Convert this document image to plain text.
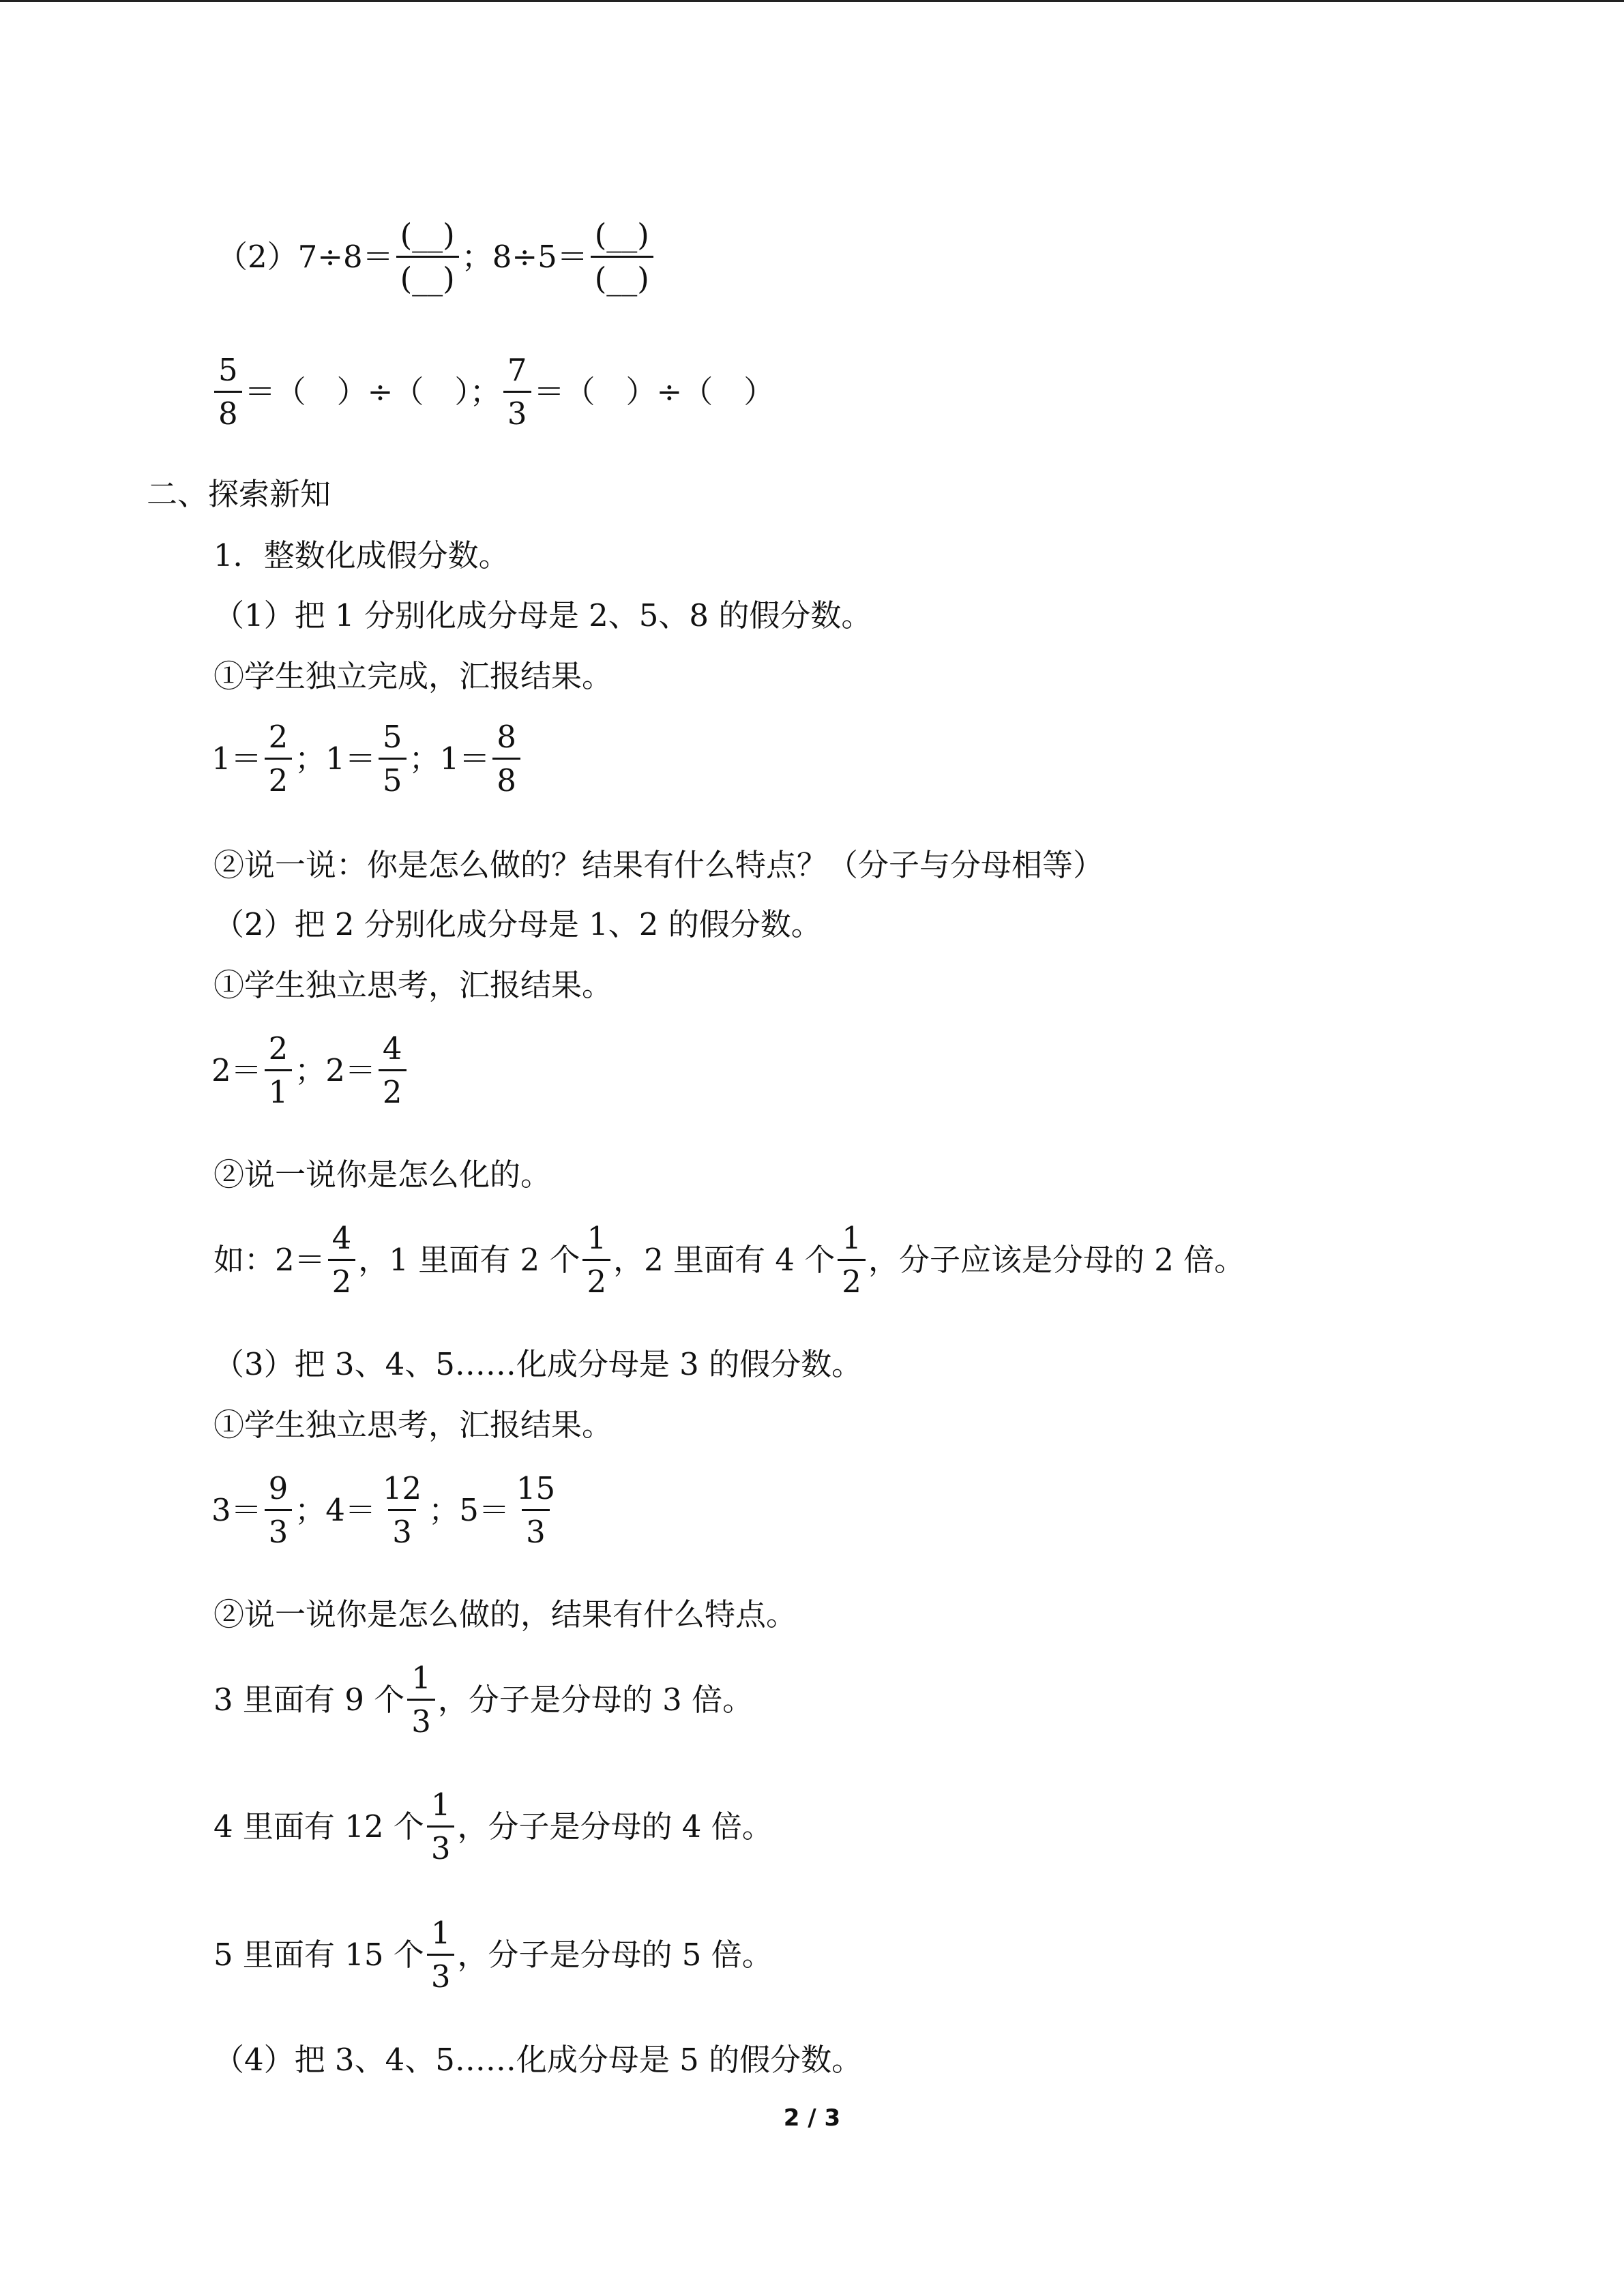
$(2)7\div 8= \frac{(\_\_)}{(\_\_)}$ ；$8\div 5= \frac{(\_\_)}{(\_\_)}$
$\frac{5}{8}$ ＝（　）÷（　）； $\frac{7}{3}$ ＝（　）÷（　）
二、探索新知
1．整数化成假分数。
（1）把 1 分别化成分母是 2、5、8 的假分数。
①学生独立完成，汇报结果。
$1= \frac{2}{2}$ ；$1= \frac{5}{5}$ ；$1= \frac{8}{8}$
②说一说：你是怎么做的？结果有什么特点？（分子与分母相等）
（2）把 2 分别化成分母是 1、2 的假分数。
①学生独立思考，汇报结果。
$2= \frac{2}{1}$ ；$2= \frac{4}{2}$
②说一说你是怎么化的。
如：$2= \frac{4}{2}$ ，1 里面有 2 个 $\frac{1}{2}$ ，2 里面有 4 个 $\frac{1}{2}$ ，分子应该是分母的 2 倍。
（3）把 3、4、5……化成分母是 3 的假分数。
①学生独立思考，汇报结果。
$3= \frac{9}{3}$ ；$4= \frac{12}{3}$ ；$5= \frac{15}{3}$
②说一说你是怎么做的，结果有什么特点。
3 里面有 9 个 $\frac{1}{3}$ ，分子是分母的 3 倍。
4 里面有 12 个 $\frac{1}{3}$ ，分子是分母的 4 倍。
5 里面有 15 个 $\frac{1}{3}$ ，分子是分母的 5 倍。
（4）把 3、4、5……化成分母是 5 的假分数。
2 / 3
